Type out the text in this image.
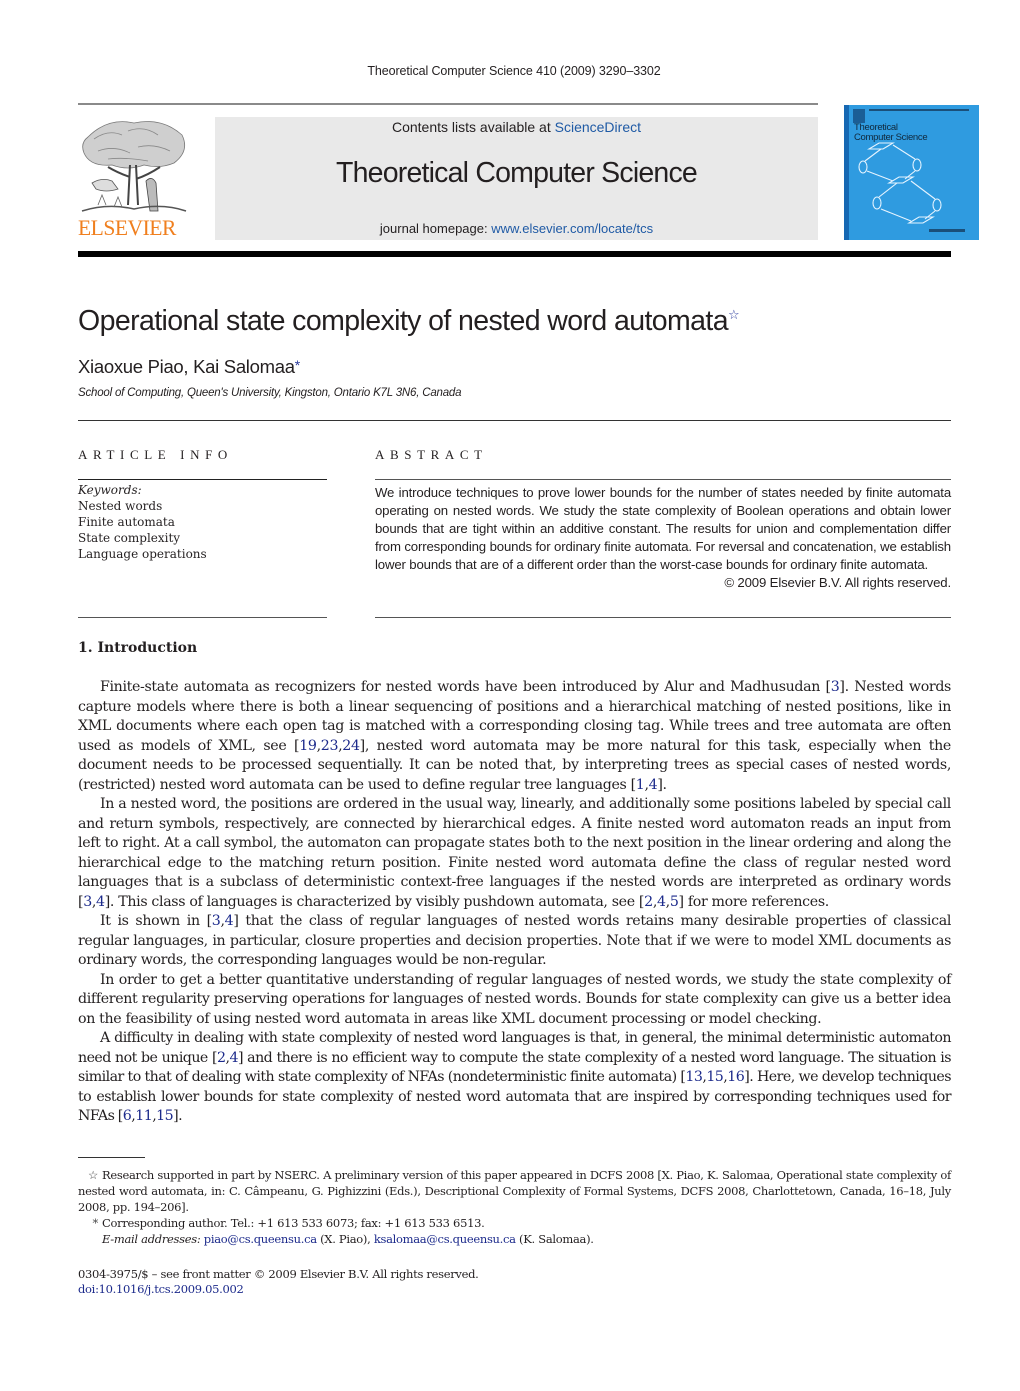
Theoretical Computer Science 410 (2009) 3290–3302
ELSEVIER
Contents lists available at ScienceDirect
Theoretical Computer Science
journal homepage: www.elsevier.com/locate/tcs
Theoretical
Computer Science
Operational state complexity of nested word automata☆
Xiaoxue Piao, Kai Salomaa*
School of Computing, Queen's University, Kingston, Ontario K7L 3N6, Canada
ARTICLE INFO
Keywords:
Nested words
Finite automata
State complexity
Language operations
ABSTRACT
We introduce techniques to prove lower bounds for the number of states needed by finite automata operating on nested words. We study the state complexity of Boolean operations and obtain lower bounds that are tight within an additive constant. The results for union and complementation differ from corresponding bounds for ordinary finite automata. For reversal and concatenation, we establish lower bounds that are of a different order than the worst-case bounds for ordinary finite automata.
© 2009 Elsevier B.V. All rights reserved.
1. Introduction

Finite-state automata as recognizers for nested words have been introduced by Alur and Madhusudan [3]. Nested words capture models where there is both a linear sequencing of positions and a hierarchical matching of nested positions, like in XML documents where each open tag is matched with a corresponding closing tag. While trees and tree automata are often used as models of XML, see [19,23,24], nested word automata may be more natural for this task, especially when the document needs to be processed sequentially. It can be noted that, by interpreting trees as special cases of nested words, (restricted) nested word automata can be used to define regular tree languages [1,4].

In a nested word, the positions are ordered in the usual way, linearly, and additionally some positions labeled by special call and return symbols, respectively, are connected by hierarchical edges. A finite nested word automaton reads an input from left to right. At a call symbol, the automaton can propagate states both to the next position in the linear ordering and along the hierarchical edge to the matching return position. Finite nested word automata define the class of regular nested word languages that is a subclass of deterministic context-free languages if the nested words are interpreted as ordinary words [3,4]. This class of languages is characterized by visibly pushdown automata, see [2,4,5] for more references.

It is shown in [3,4] that the class of regular languages of nested words retains many desirable properties of classical regular languages, in particular, closure properties and decision properties. Note that if we were to model XML documents as ordinary words, the corresponding languages would be non-regular.

In order to get a better quantitative understanding of regular languages of nested words, we study the state complexity of different regularity preserving operations for languages of nested words. Bounds for state complexity can give us a better idea on the feasibility of using nested word automata in areas like XML document processing or model checking.

A difficulty in dealing with state complexity of nested word languages is that, in general, the minimal deterministic automaton need not be unique [2,4] and there is no efficient way to compute the state complexity of a nested word language. The situation is similar to that of dealing with state complexity of NFAs (nondeterministic finite automata) [13,15,16]. Here, we develop techniques to establish lower bounds for state complexity of nested word automata that are inspired by corresponding techniques used for NFAs [6,11,15].

☆ Research supported in part by NSERC. A preliminary version of this paper appeared in DCFS 2008 [X. Piao, K. Salomaa, Operational state complexity of nested word automata, in: C. Câmpeanu, G. Pighizzini (Eds.), Descriptional Complexity of Formal Systems, DCFS 2008, Charlottetown, Canada, 16–18, July 2008, pp. 194–206].

* Corresponding author. Tel.: +1 613 533 6073; fax: +1 613 533 6513.

E-mail addresses: piao@cs.queensu.ca (X. Piao), ksalomaa@cs.queensu.ca (K. Salomaa).

0304-3975/$ – see front matter © 2009 Elsevier B.V. All rights reserved.
doi:10.1016/j.tcs.2009.05.002
